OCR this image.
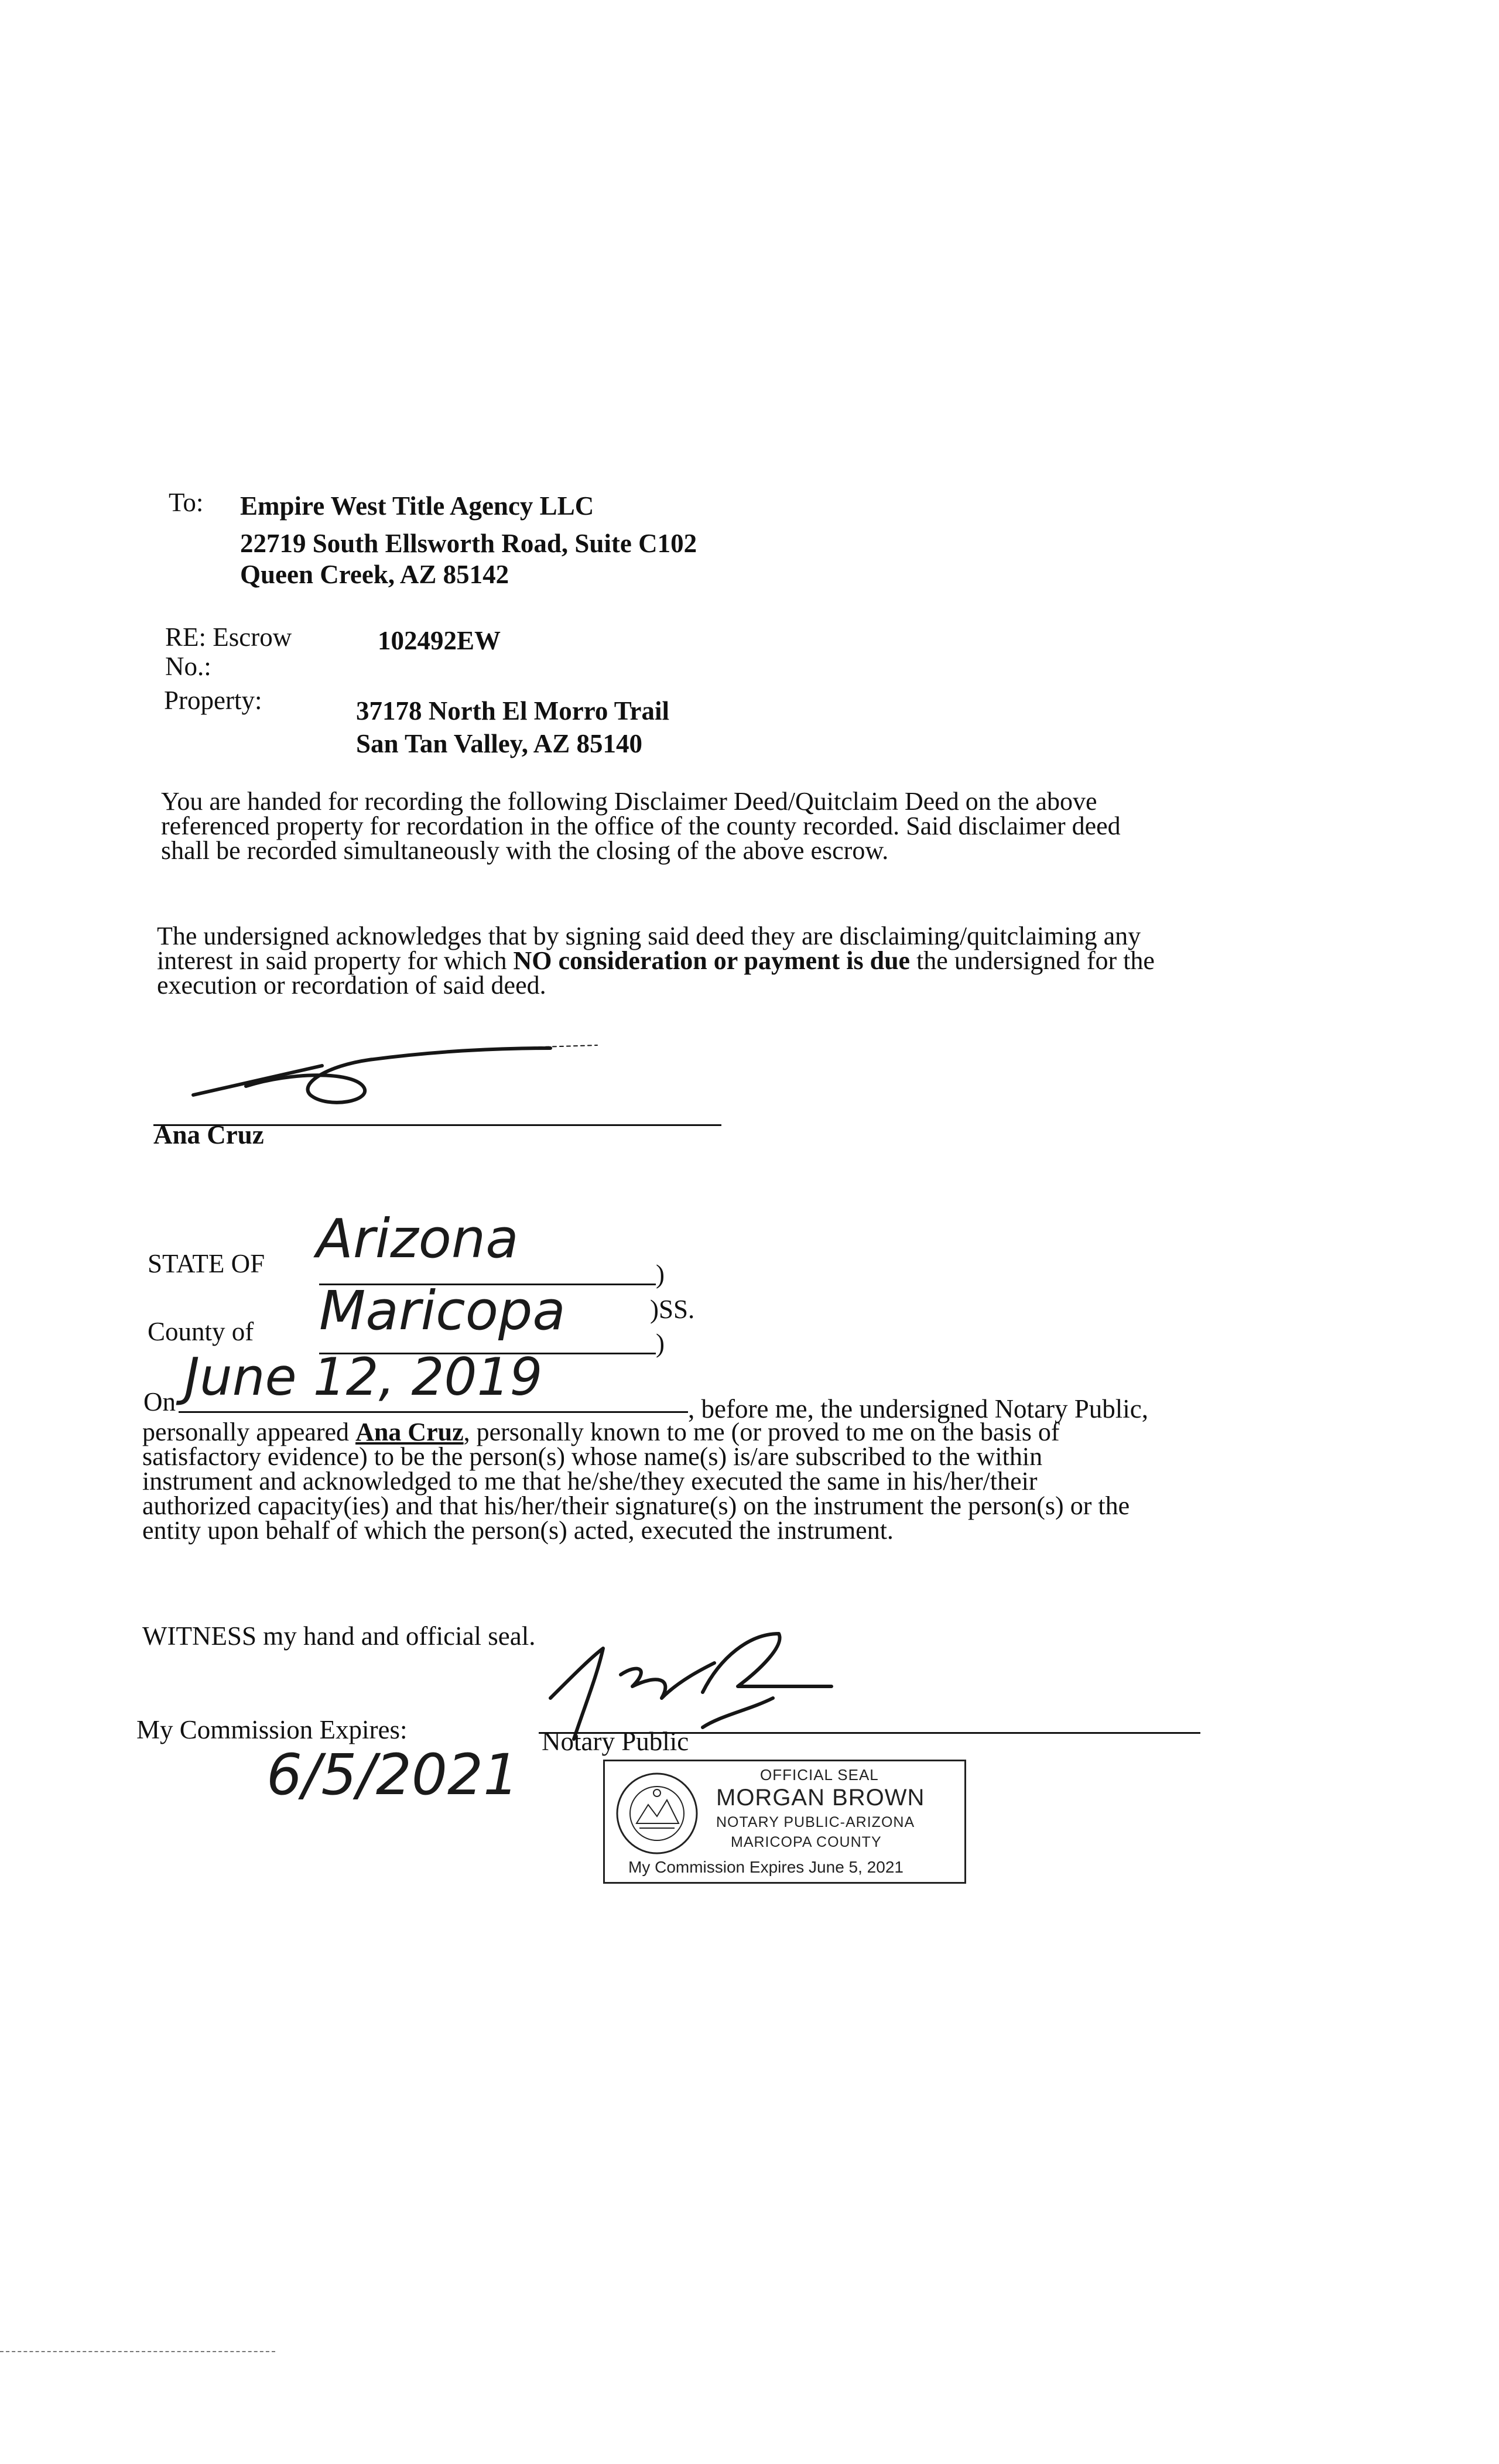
To: Empire West Title Agency LLC
22719 South Ellsworth Road, Suite C102
Queen Creek, AZ 85142
RE: Escrow
No.:
102492EW
Property:	37178 North El Morro Trail
San Tan Valley, AZ 85140
You are handed for recording the following Disclaimer Deed/Quitclaim Deed on the above
referenced property for recordation in the office of the county recorded. Said disclaimer deed
shall be recorded simultaneously with the closing of the above escrow.
The undersigned acknowledges that by signing said deed they are disclaiming/quitclaiming any
interest in said property for which NO consideration or payment is due the undersigned for the
execution or recordation of said deed.
Ana Cruz
STATE OF Arizona
)
)SS.
County of Maricopa
)
On June 12, 2019
, before me, the undersigned Notary Public,
personally appeared Ana Cruz, personally known to me (or proved to me on the basis of
satisfactory evidence) to be the person(s) whose name(s) is/are subscribed to the within
instrument and acknowledged to me that he/she/they executed the same in his/her/their
authorized capacity(ies) and that his/her/their signature(s) on the instrument the person(s) or the
entity upon behalf of which the person(s) acted, executed the instrument.
WITNESS my hand and official seal.
Notary Public
My Commission Expires:
6/5/2021	OFFICIAL SEAL
MORGAN BROWN
NOTARY PUBLIC-ARIZONA
MARICOPA COUNTY
My Commission Expires June 5, 2021
